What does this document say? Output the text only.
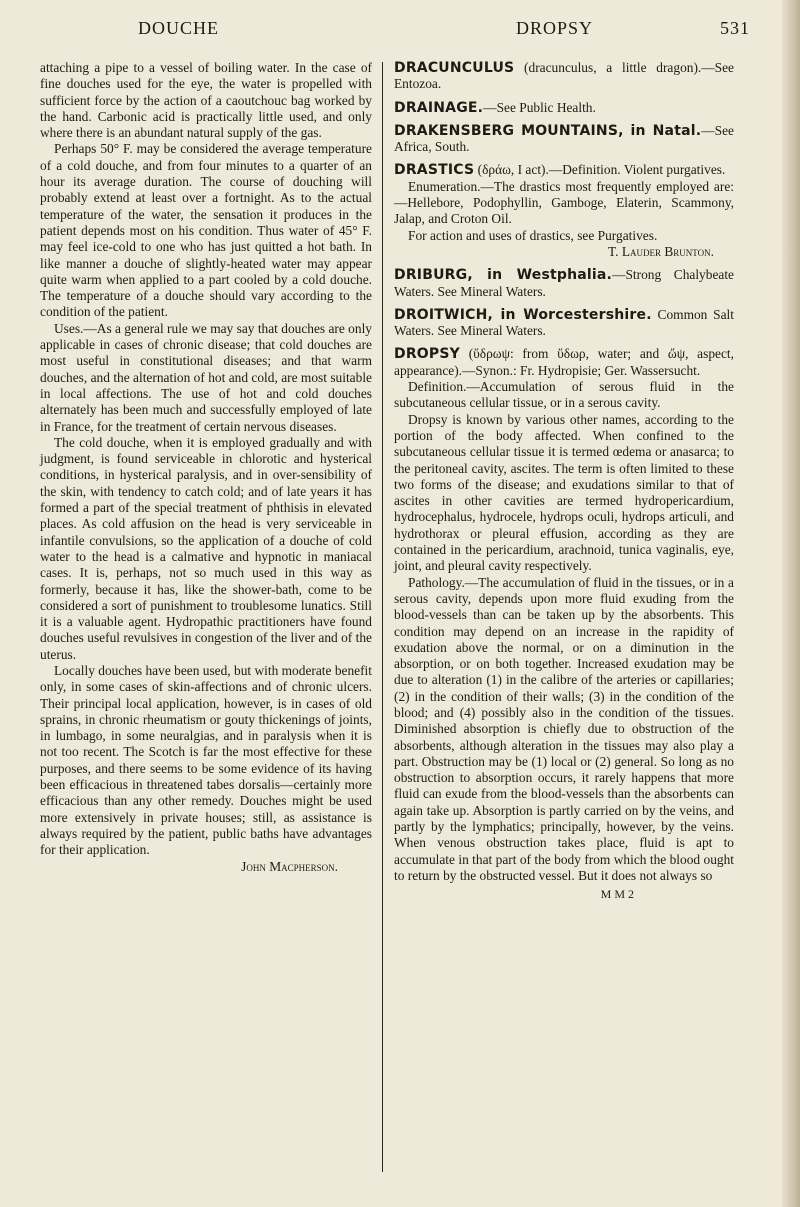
DOUCHE	DROPSY	531

attaching a pipe to a vessel of boiling water. In the case of fine douches used for the eye, the water is propelled with sufficient force by the action of a caoutchouc bag worked by the hand. Carbonic acid is practically little used, and only where there is an abundant natural supply of the gas.

Perhaps 50° F. may be considered the average temperature of a cold douche, and from four minutes to a quarter of an hour its average duration. The course of douching will probably extend at least over a fortnight. As to the actual temperature of the water, the sensation it produces in the patient depends most on his condition. Thus water of 45° F. may feel ice-cold to one who has just quitted a hot bath. In like manner a douche of slightly-heated water may appear quite warm when applied to a part cooled by a cold douche. The temperature of a douche should vary according to the condition of the patient.

Uses.—As a general rule we may say that douches are only applicable in cases of chronic disease; that cold douches are most useful in constitutional diseases; and that warm douches, and the alternation of hot and cold, are most suitable in local affections. The use of hot and cold douches alternately has been much and successfully employed of late in France, for the treatment of certain nervous diseases.

The cold douche, when it is employed gradually and with judgment, is found serviceable in chlorotic and hysterical conditions, in hysterical paralysis, and in over-sensibility of the skin, with tendency to catch cold; and of late years it has formed a part of the special treatment of phthisis in elevated places. As cold affusion on the head is very serviceable in infantile convulsions, so the application of a douche of cold water to the head is a calmative and hypnotic in maniacal cases. It is, perhaps, not so much used in this way as formerly, because it has, like the shower-bath, come to be considered a sort of punishment to troublesome lunatics. Still it is a valuable agent. Hydropathic practitioners have found douches useful revulsives in congestion of the liver and of the uterus.

Locally douches have been used, but with moderate benefit only, in some cases of skin-affections and of chronic ulcers. Their principal local application, however, is in cases of old sprains, in chronic rheumatism or gouty thickenings of joints, in lumbago, in some neuralgias, and in paralysis when it is not too recent. The Scotch is far the most effective for these purposes, and there seems to be some evidence of its having been efficacious in threatened tabes dorsalis—certainly more efficacious than any other remedy. Douches might be used more extensively in private houses; still, as assistance is always required by the patient, public baths have advantages for their application.

John Macpherson.

DRACUNCULUS (dracunculus, a little dragon).—See Entozoa.

DRAINAGE.—See Public Health.

DRAKENSBERG MOUNTAINS, in Natal.—See Africa, South.

DRASTICS (δράω, I act).—Definition. Violent purgatives.

Enumeration.—The drastics most frequently employed are:—Hellebore, Podophyllin, Gamboge, Elaterin, Scammony, Jalap, and Croton Oil.

For action and uses of drastics, see Purgatives.

T. Lauder Brunton.

DRIBURG, in Westphalia.—Strong Chalybeate Waters. See Mineral Waters.

DROITWICH, in Worcestershire. Common Salt Waters. See Mineral Waters.

DROPSY (ὕδρωψ: from ὕδωρ, water; and ὤψ, aspect, appearance).—Synon.: Fr. Hydropisie; Ger. Wassersucht.

Definition.—Accumulation of serous fluid in the subcutaneous cellular tissue, or in a serous cavity.

Dropsy is known by various other names, according to the portion of the body affected. When confined to the subcutaneous cellular tissue it is termed œdema or anasarca; to the peritoneal cavity, ascites. The term is often limited to these two forms of the disease; and exudations similar to that of ascites in other cavities are termed hydropericardium, hydrocephalus, hydrocele, hydrops oculi, hydrops articuli, and hydrothorax or pleural effusion, according as they are contained in the pericardium, arachnoid, tunica vaginalis, eye, joint, and pleural cavity respectively.

Pathology.—The accumulation of fluid in the tissues, or in a serous cavity, depends upon more fluid exuding from the blood-vessels than can be taken up by the absorbents. This condition may depend on an increase in the rapidity of exudation above the normal, or on a diminution in the absorption, or on both together. Increased exudation may be due to alteration (1) in the calibre of the arteries or capillaries; (2) in the condition of their walls; (3) in the condition of the blood; and (4) possibly also in the condition of the tissues. Diminished absorption is chiefly due to obstruction of the absorbents, although alteration in the tissues may also play a part. Obstruction may be (1) local or (2) general. So long as no obstruction to absorption occurs, it rarely happens that more fluid can exude from the blood-vessels than the absorbents can again take up. Absorption is partly carried on by the veins, and partly by the lymphatics; principally, however, by the veins. When venous obstruction takes place, fluid is apt to accumulate in that part of the body from which the blood ought to return by the obstructed vessel. But it does not always so

M M 2
